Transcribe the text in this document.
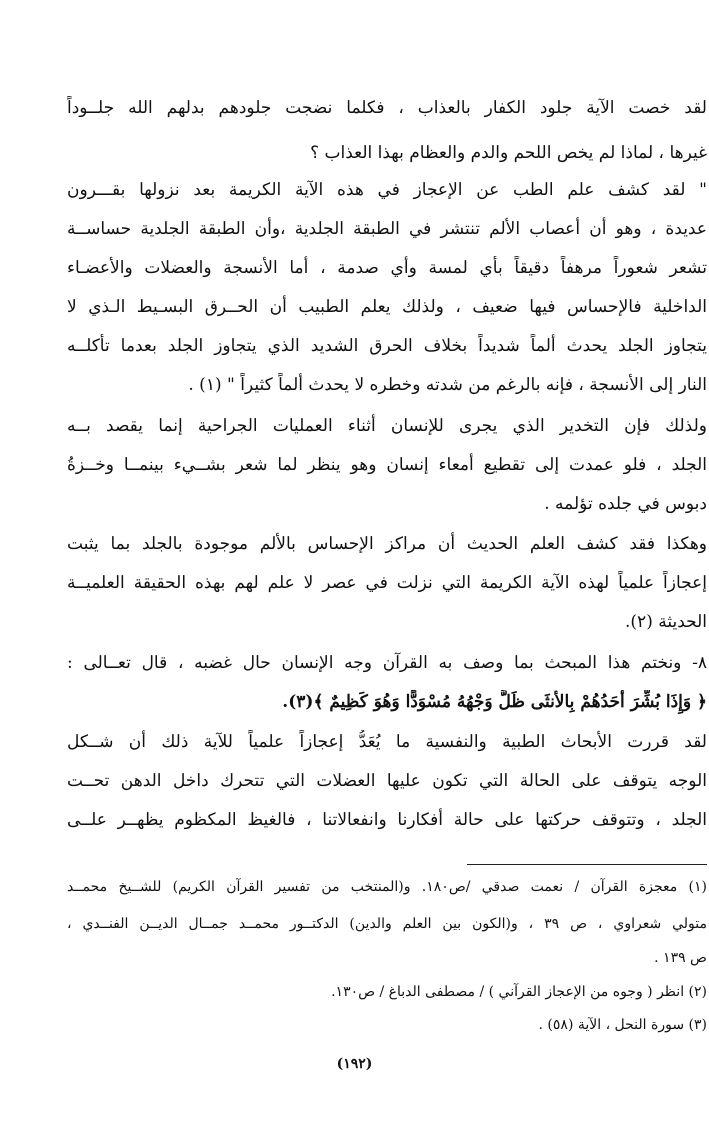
لقد خصت الآية جلود الكفار بالعذاب ، فكلما نضجت جلودهم بدلهم الله جلــوداً
غيرها ، لماذا لم يخص اللحم والدم والعظام بهذا العذاب ؟
" لقد كشف علم الطب عن الإعجاز في هذه الآية الكريمة بعد نزولها بقـــرون
عديدة ، وهو أن أعصاب الألم تنتشر في الطبقة الجلدية ،وأن الطبقة الجلدية حساســة
تشعر شعوراً مرهفاً دقيقاً بأي لمسة وأي صدمة ، أما الأنسجة والعضلات والأعضـاء
الداخلية فالإحساس فيها ضعيف ، ولذلك يعلم الطبيب أن الحــرق البسـيط الـذي لا
يتجاوز الجلد يحدث ألماً شديداً بخلاف الحرق الشديد الذي يتجاوز الجلد بعدما تأكلــه
النار إلى الأنسجة ، فإنه بالرغم من شدته وخطره لا يحدث ألماً كثيراً " (١) .
ولذلك فإن التخدير الذي يجرى للإنسان أثناء العمليات الجراحية إنما يقصد بــه
الجلد ، فلو عمدت إلى تقطيع أمعاء إنسان وهو ينظر لما شعر بشــيء بينمــا وخــزةُ
دبوس في جلده تؤلمه .
وهكذا فقد كشف العلم الحديث أن مراكز الإحساس بالألم موجودة بالجلد بما يثبت
إعجازاً علمياً لهذه الآية الكريمة التي نزلت في عصر لا علم لهم بهذه الحقيقة العلميــة
الحديثة (٢).
٨- ونختم هذا المبحث بما وصف به القرآن وجه الإنسان حال غضبه ، قال تعــالى :
﴿ وَإِذَا بُشِّرَ أَحَدُهُمْ بِالأُنثَى ظَلَّ وَجْهُهُ مُسْوَدًّا وَهُوَ كَظِيمٌ ﴾(٣).
لقد قررت الأبحاث الطبية والنفسية ما يُعَدُّ إعجازاً علمياً للآية ذلك أن شــكل
الوجه يتوقف على الحالة التي تكون عليها العضلات التي تتحرك داخل الدهن تحــت
الجلد ، وتتوقف حركتها على حالة أفكارنا وانفعالاتنا ، فالغيظ المكظوم يظهــر علــى
(١) معجزة القرآن / نعمت صدقي /ص١٨٠. و(المنتخب من تفسير القرآن الكريم) للشــيخ محمــد
متولي شعراوي ، ص ٣٩ ، و(الكون بين العلم والدين) الدكتــور محمــد جمــال الديــن الفنــدي ،
ص ١٣٩ .
(٢) انظر ( وجوه من الإعجاز القرآني ) / مصطفى الدباغ / ص١٣٠.
(٣) سورة النحل ، الآية (٥٨) .
(١٩٢)
